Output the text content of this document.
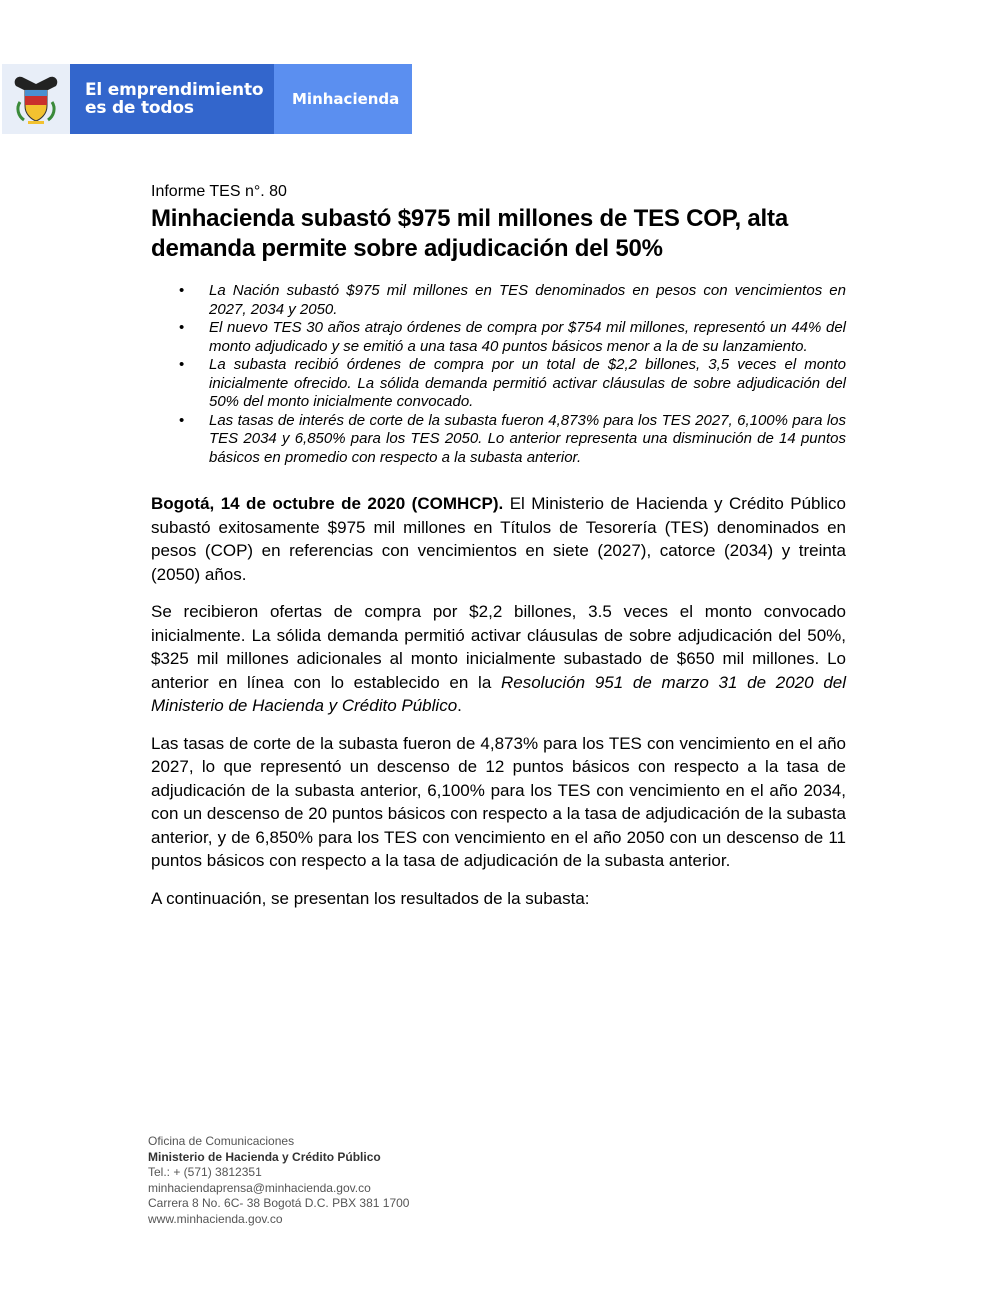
El emprendimiento
es de todos	Minhacienda

Informe TES n°. 80

Minhacienda subastó $975 mil millones de TES COP, alta demanda permite sobre adjudicación del 50%
• La Nación subastó $975 mil millones en TES denominados en pesos con vencimientos en 2027, 2034 y 2050.
• El nuevo TES 30 años atrajo órdenes de compra por $754 mil millones, representó un 44% del monto adjudicado y se emitió a una tasa 40 puntos básicos menor a la de su lanzamiento.
• La subasta recibió órdenes de compra por un total de $2,2 billones, 3,5 veces el monto inicialmente ofrecido. La sólida demanda permitió activar cláusulas de sobre adjudicación del 50% del monto inicialmente convocado.
• Las tasas de interés de corte de la subasta fueron 4,873% para los TES 2027, 6,100% para los TES 2034 y 6,850% para los TES 2050. Lo anterior representa una disminución de 14 puntos básicos en promedio con respecto a la subasta anterior.

Bogotá, 14 de octubre de 2020 (COMHCP). El Ministerio de Hacienda y Crédito Público subastó exitosamente $975 mil millones en Títulos de Tesorería (TES) denominados en pesos (COP) en referencias con vencimientos en siete (2027), catorce (2034) y treinta (2050) años.

Se recibieron ofertas de compra por $2,2 billones, 3.5 veces el monto convocado inicialmente. La sólida demanda permitió activar cláusulas de sobre adjudicación del 50%, $325 mil millones adicionales al monto inicialmente subastado de $650 mil millones. Lo anterior en línea con lo establecido en la Resolución 951 de marzo 31 de 2020 del Ministerio de Hacienda y Crédito Público.

Las tasas de corte de la subasta fueron de 4,873% para los TES con vencimiento en el año 2027, lo que representó un descenso de 12 puntos básicos con respecto a la tasa de adjudicación de la subasta anterior, 6,100% para los TES con vencimiento en el año 2034, con un descenso de 20 puntos básicos con respecto a la tasa de adjudicación de la subasta anterior, y de 6,850% para los TES con vencimiento en el año 2050 con un descenso de 11 puntos básicos con respecto a la tasa de adjudicación de la subasta anterior.

A continuación, se presentan los resultados de la subasta:

Oficina de Comunicaciones
Ministerio de Hacienda y Crédito Público
Tel.: + (571) 3812351
minhaciendaprensa@minhacienda.gov.co
Carrera 8 No. 6C- 38 Bogotá D.C. PBX 381 1700
www.minhacienda.gov.co
